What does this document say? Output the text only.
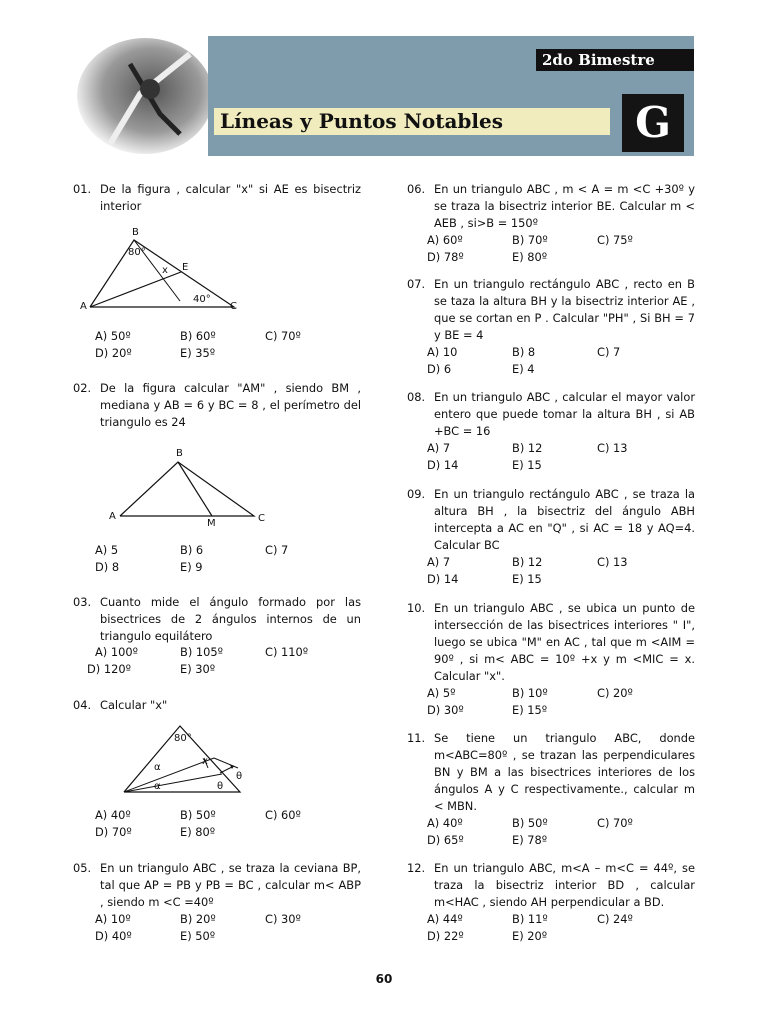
2do Bimestre
Líneas y Puntos Notables	G
01. De la figura , calcular "x" si AE es bisectriz interior
B
80°
x E
40°
A	C
A) 50º	B) 60º	C) 70º
D) 20º	E) 35º
02. De la figura calcular "AM" , siendo BM , mediana y AB = 6 y BC = 8 , el perímetro del triangulo es 24
B
A
M	C
A) 5	B) 6	C) 7
D) 8	E) 9
03. Cuanto mide el ángulo formado por las bisectrices de 2 ángulos internos de un triangulo equilátero
A) 100º	B) 105º	C) 110º
D) 120º	E) 30º
04. Calcular "x"
80°
x
α
α	θ
θ
A) 40º	B) 50º	C) 60º
D) 70º	E) 80º
05. En un triangulo ABC , se traza la ceviana BP, tal que AP = PB y PB = BC , calcular m< ABP , siendo m <C =40º
A) 10º	B) 20º	C) 30º
D) 40º	E) 50º
06. En un triangulo ABC , m < A = m <C +30º y se traza la bisectriz interior BE. Calcular m < AEB , si>B = 150º
A) 60º	B) 70º	C) 75º
D) 78º	E) 80º
07. En un triangulo rectángulo ABC , recto en B se taza la altura BH y la bisectriz interior AE , que se cortan en P . Calcular "PH" , Si BH = 7 y BE = 4
A) 10	B) 8	C) 7
D) 6	E) 4
08. En un triangulo ABC , calcular el mayor valor entero que puede tomar la altura BH , si AB +BC = 16
A) 7	B) 12	C) 13
D) 14	E) 15
09. En un triangulo rectángulo ABC , se traza la altura BH , la bisectriz del ángulo ABH intercepta a AC en "Q" , si AC = 18 y AQ=4. Calcular BC
A) 7	B) 12	C) 13
D) 14	E) 15
10. En un triangulo ABC , se ubica un punto de intersección de las bisectrices interiores " I", luego se ubica "M" en AC , tal que m <AIM = 90º , si m< ABC = 10º +x y m <MIC = x. Calcular "x".
A) 5º	B) 10º	C) 20º
D) 30º	E) 15º
11. Se tiene un triangulo ABC, donde m<ABC=80º , se trazan las perpendiculares BN y BM a las bisectrices interiores de los ángulos A y C respectivamente., calcular m < MBN.
A) 40º	B) 50º	C) 70º
D) 65º	E) 78º
12. En un triangulo ABC, m<A – m<C = 44º, se traza la bisectriz interior BD , calcular m<HAC , siendo AH perpendicular a BD.
A) 44º	B) 11º	C) 24º
D) 22º	E) 20º
60
